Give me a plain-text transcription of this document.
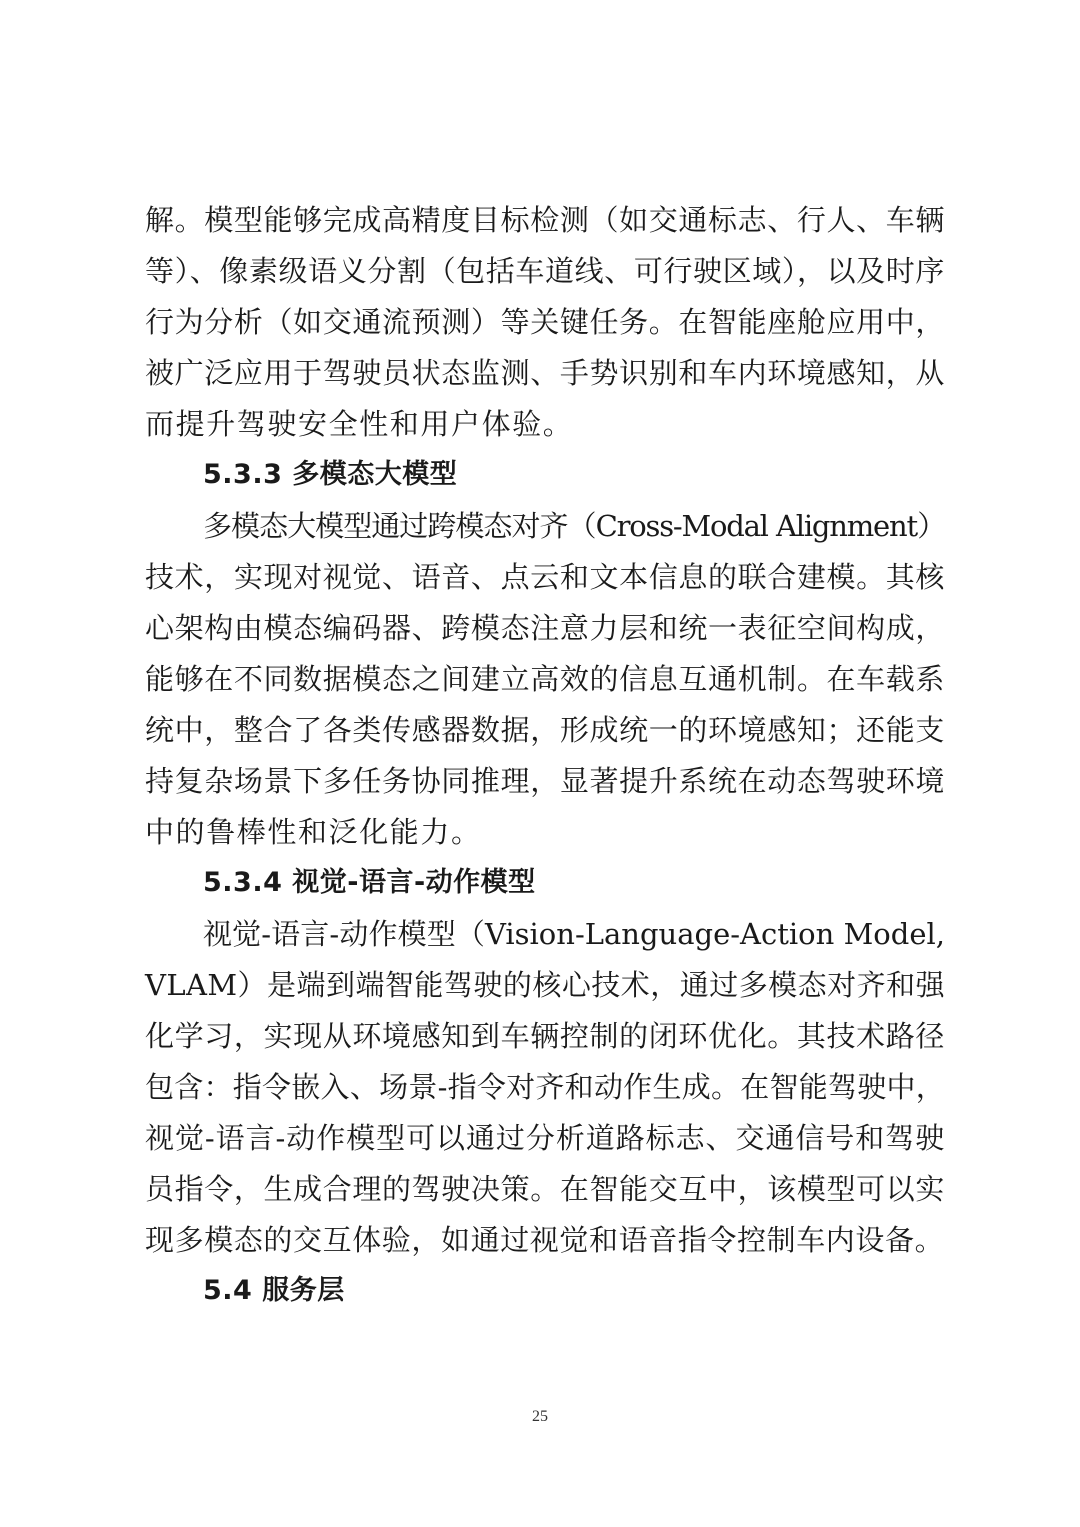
解。模型能够完成高精度目标检测（如交通标志、行人、车辆
等）、像素级语义分割（包括车道线、可行驶区域），以及时序
行为分析（如交通流预测）等关键任务。在智能座舱应用中，
被广泛应用于驾驶员状态监测、手势识别和车内环境感知，从
而提升驾驶安全性和用户体验。
5.3.3 多模态大模型
多模态大模型通过跨模态对齐（Cross-Modal Alignment）
技术，实现对视觉、语音、点云和文本信息的联合建模。其核
心架构由模态编码器、跨模态注意力层和统一表征空间构成，
能够在不同数据模态之间建立高效的信息互通机制。在车载系
统中，整合了各类传感器数据，形成统一的环境感知；还能支
持复杂场景下多任务协同推理，显著提升系统在动态驾驶环境
中的鲁棒性和泛化能力。
5.3.4 视觉-语言-动作模型
视觉-语言-动作模型（Vision-Language-Action Model,
VLAM）是端到端智能驾驶的核心技术，通过多模态对齐和强
化学习，实现从环境感知到车辆控制的闭环优化。其技术路径
包含：指令嵌入、场景-指令对齐和动作生成。在智能驾驶中，
视觉-语言-动作模型可以通过分析道路标志、交通信号和驾驶
员指令，生成合理的驾驶决策。在智能交互中，该模型可以实
现多模态的交互体验，如通过视觉和语音指令控制车内设备。
5.4 服务层
25
